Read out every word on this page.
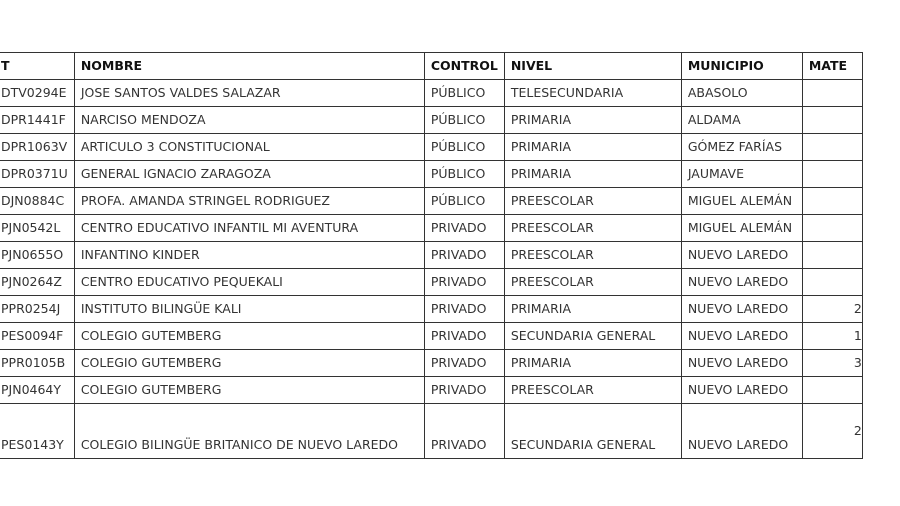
T	NOMBRE	CONTROL	NIVEL	MUNICIPIO	MATE
DTV0294E	JOSE SANTOS VALDES SALAZAR	PÚBLICO	TELESECUNDARIA	ABASOLO	
DPR1441F	NARCISO MENDOZA	PÚBLICO	PRIMARIA	ALDAMA	
DPR1063V	ARTICULO 3 CONSTITUCIONAL	PÚBLICO	PRIMARIA	GÓMEZ FARÍAS	
DPR0371U	GENERAL IGNACIO ZARAGOZA	PÚBLICO	PRIMARIA	JAUMAVE	
DJN0884C	PROFA. AMANDA STRINGEL RODRIGUEZ	PÚBLICO	PREESCOLAR	MIGUEL ALEMÁN	
PJN0542L	CENTRO EDUCATIVO INFANTIL MI AVENTURA	PRIVADO	PREESCOLAR	MIGUEL ALEMÁN	
PJN0655O	INFANTINO KINDER	PRIVADO	PREESCOLAR	NUEVO LAREDO	
PJN0264Z	CENTRO EDUCATIVO PEQUEKALI	PRIVADO	PREESCOLAR	NUEVO LAREDO	
PPR0254J	INSTITUTO BILINGÜE KALI	PRIVADO	PRIMARIA	NUEVO LAREDO	2
PES0094F	COLEGIO GUTEMBERG	PRIVADO	SECUNDARIA GENERAL	NUEVO LAREDO	1
PPR0105B	COLEGIO GUTEMBERG	PRIVADO	PRIMARIA	NUEVO LAREDO	3
PJN0464Y	COLEGIO GUTEMBERG	PRIVADO	PREESCOLAR	NUEVO LAREDO	
PES0143Y	COLEGIO BILINGÜE BRITANICO DE NUEVO LAREDO	PRIVADO	SECUNDARIA GENERAL	NUEVO LAREDO	2
